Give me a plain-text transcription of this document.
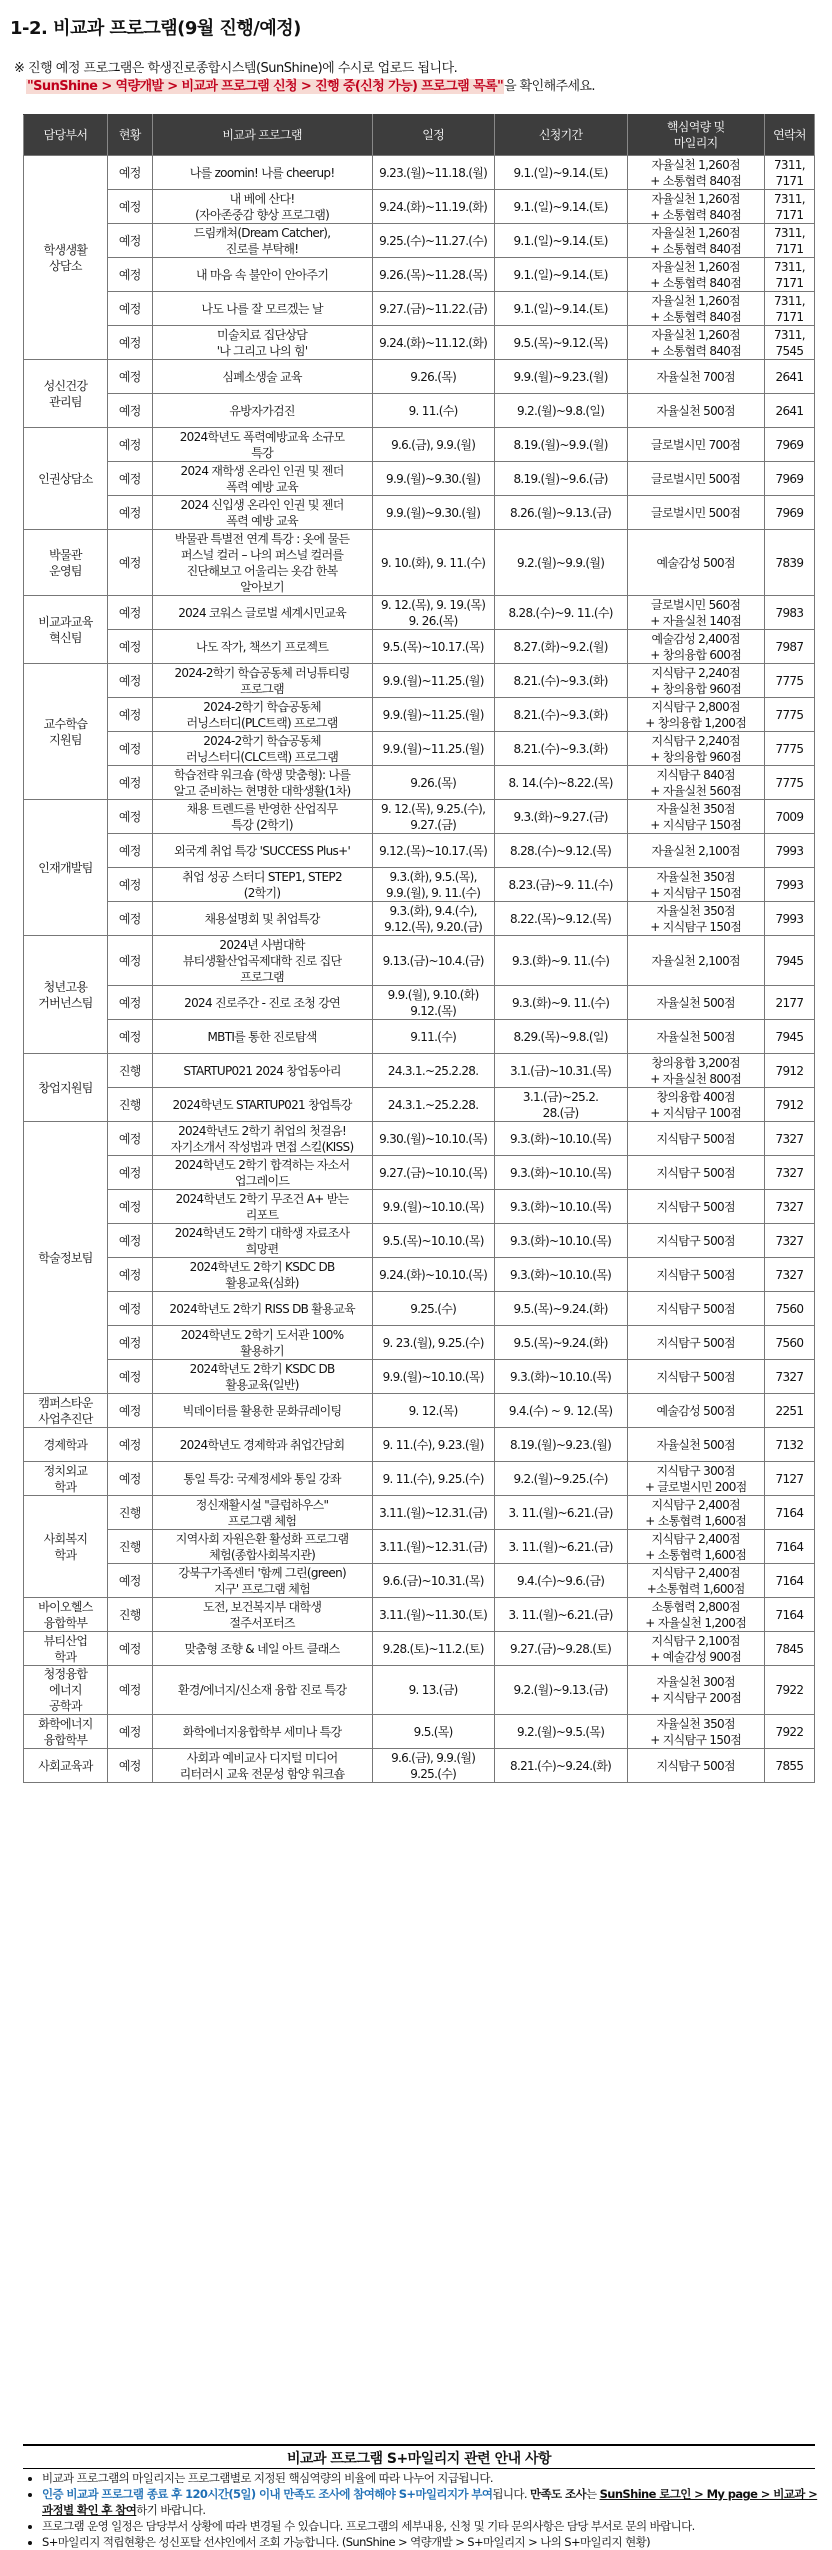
1-2. 비교과 프로그램(9월 진행/예정)
※ 진행 예정 프로그램은 학생진로종합시스템(SunShine)에 수시로 업로드 됩니다.
"SunShine > 역량개발 > 비교과 프로그램 신청 > 진행 중(신청 가능) 프로그램 목록"을 확인해주세요.
담당부서	현황	비교과 프로그램	일정	신청기간	핵심역량 및
마일리지	연락처
학생생활
상담소	예정	나를 zoomin! 나를 cheerup!	9.23.(월)~11.18.(월)	9.1.(일)~9.14.(토)	자율실천 1,260점
+ 소통협력 840점	7311,
7171
	예정	내 베에 산다!
(자아존중감 향상 프로그램)	9.24.(화)~11.19.(화)	9.1.(일)~9.14.(토)	자율실천 1,260점
+ 소통협력 840점	7311,
7171
	예정	드림캐쳐(Dream Catcher),
진로를 부탁해!	9.25.(수)~11.27.(수)	9.1.(일)~9.14.(토)	자율실천 1,260점
+ 소통협력 840점	7311,
7171
	예정	내 마음 속 불안이 안아주기	9.26.(목)~11.28.(목)	9.1.(일)~9.14.(토)	자율실천 1,260점
+ 소통협력 840점	7311,
7171
	예정	나도 나를 잘 모르겠는 날	9.27.(금)~11.22.(금)	9.1.(일)~9.14.(토)	자율실천 1,260점
+ 소통협력 840점	7311,
7171
	예정	미술치료 집단상담
'나 그리고 나의 힘'	9.24.(화)~11.12.(화)	9.5.(목)~9.12.(목)	자율실천 1,260점
+ 소통협력 840점	7311,
7545
성신건강
관리팀	예정	심폐소생술 교육	9.26.(목)	9.9.(월)~9.23.(월)	자율실천 700점	2641
	예정	유방자가검진	9. 11.(수)	9.2.(월)~9.8.(일)	자율실천 500점	2641
인권상담소	예정	2024학년도 폭력예방교육 소규모
특강	9.6.(금), 9.9.(월)	8.19.(월)~9.9.(월)	글로벌시민 700점	7969
	예정	2024 재학생 온라인 인권 및 젠더
폭력 예방 교육	9.9.(월)~9.30.(월)	8.19.(월)~9.6.(금)	글로벌시민 500점	7969
	예정	2024 신입생 온라인 인권 및 젠더
폭력 예방 교육	9.9.(월)~9.30.(월)	8.26.(월)~9.13.(금)	글로벌시민 500점	7969
박물관
운영팀	예정	박물관 특별전 연계 특강 : 옷에 물든
퍼스널 컬러 – 나의 퍼스널 컬러를
진단해보고 어울리는 옷감 한복
알아보기	9. 10.(화), 9. 11.(수)	9.2.(월)~9.9.(월)	예술감성 500점	7839
비교과교육
혁신팀	예정	2024 코워스 글로벌 세계시민교육	9. 12.(목), 9. 19.(목)
9. 26.(목)	8.28.(수)~9. 11.(수)	글로벌시민 560점
+ 자율실천 140점	7983
	예정	나도 작가, 책쓰기 프로젝트	9.5.(목)~10.17.(목)	8.27.(화)~9.2.(월)	예술감성 2,400점
+ 창의융합 600점	7987
교수학습
지원팀	예정	2024-2학기 학습공동체 러닝튜티링
프로그램	9.9.(월)~11.25.(월)	8.21.(수)~9.3.(화)	지식탐구 2,240점
+ 창의융합 960점	7775
	예정	2024-2학기 학습공동체
러닝스터디(PLC트랙) 프로그램	9.9.(월)~11.25.(월)	8.21.(수)~9.3.(화)	지식탐구 2,800점
+ 창의융합 1,200점	7775
	예정	2024-2학기 학습공동체
러닝스터디(CLC트랙) 프로그램	9.9.(월)~11.25.(월)	8.21.(수)~9.3.(화)	지식탐구 2,240점
+ 창의융합 960점	7775
	예정	학습전략 워크숍 (학생 맞춤형): 나를
알고 준비하는 현명한 대학생활(1차)	9.26.(목)	8. 14.(수)~8.22.(목)	지식탐구 840점
+ 자율실천 560점	7775
인재개발팀	예정	채용 트렌드를 반영한 산업직무
특강 (2학기)	9. 12.(목), 9.25.(수),
9.27.(금)	9.3.(화)~9.27.(금)	자율실천 350점
+ 지식탐구 150점	7009
	예정	외국계 취업 특강 'SUCCESS Plus+'	9.12.(목)~10.17.(목)	8.28.(수)~9.12.(목)	자율실천 2,100점	7993
	예정	취업 성공 스터디 STEP1, STEP2
(2학기)	9.3.(화), 9.5.(목),
9.9.(월), 9. 11.(수)	8.23.(금)~9. 11.(수)	자율실천 350점
+ 지식탐구 150점	7993
	예정	채용설명회 및 취업특강	9.3.(화), 9.4.(수),
9.12.(목), 9.20.(금)	8.22.(목)~9.12.(목)	자율실천 350점
+ 지식탐구 150점	7993
청년고용
거버넌스팀	예정	2024년 사범대학
뷰티생활산업곡제대학 진로 집단
프로그램	9.13.(금)~10.4.(금)	9.3.(화)~9. 11.(수)	자율실천 2,100점	7945
	예정	2024 진로주간 - 진로 조청 강연	9.9.(월), 9.10.(화)
9.12.(목)	9.3.(화)~9. 11.(수)	자율실천 500점	2177
	예정	MBTI를 통한 진로탐색	9.11.(수)	8.29.(목)~9.8.(일)	자율실천 500점	7945
창업지원팀	진행	STARTUP021 2024 창업동아리	24.3.1.~25.2.28.	3.1.(금)~10.31.(목)	창의융합 3,200점
+ 자율실천 800점	7912
	진행	2024학년도 STARTUP021 창업특강	24.3.1.~25.2.28.	3.1.(금)~25.2.
28.(금)	창의융합 400점
+ 지식탐구 100점	7912
학술정보팀	예정	2024학년도 2학기 취업의 첫걸음!
자기소개서 작성법과 면접 스킬(KISS)	9.30.(월)~10.10.(목)	9.3.(화)~10.10.(목)	지식탐구 500점	7327
	예정	2024학년도 2학기 합격하는 자소서
업그레이드	9.27.(금)~10.10.(목)	9.3.(화)~10.10.(목)	지식탐구 500점	7327
	예정	2024학년도 2학기 무조건 A+ 받는
리포트	9.9.(월)~10.10.(목)	9.3.(화)~10.10.(목)	지식탐구 500점	7327
	예정	2024학년도 2학기 대학생 자료조사
희망편	9.5.(목)~10.10.(목)	9.3.(화)~10.10.(목)	지식탐구 500점	7327
	예정	2024학년도 2학기 KSDC DB
활용교육(심화)	9.24.(화)~10.10.(목)	9.3.(화)~10.10.(목)	지식탐구 500점	7327
	예정	2024학년도 2학기 RISS DB 활용교육	9.25.(수)	9.5.(목)~9.24.(화)	지식탐구 500점	7560
	예정	2024학년도 2학기 도서관 100%
활용하기	9. 23.(월), 9.25.(수)	9.5.(목)~9.24.(화)	지식탐구 500점	7560
	예정	2024학년도 2학기 KSDC DB
활용교육(일반)	9.9.(월)~10.10.(목)	9.3.(화)~10.10.(목)	지식탐구 500점	7327
캠퍼스타운
사업추진단	예정	빅데이터를 활용한 문화큐레이팅	9. 12.(목)	9.4.(수) ~ 9. 12.(목)	예술감성 500점	2251
경제학과	예정	2024학년도 경제학과 취업간담회	9. 11.(수), 9.23.(월)	8.19.(월)~9.23.(월)	자율실천 500점	7132
정치외교
학과	예정	통일 특강: 국제정세와 통일 강좌	9. 11.(수), 9.25.(수)	9.2.(월)~9.25.(수)	지식탐구 300점
+ 글로벌시민 200점	7127
사회복지
학과	진행	정신재활시설 "클럽하우스"
프로그램 체험	3.11.(월)~12.31.(금)	3. 11.(월)~6.21.(금)	지식탐구 2,400점
+ 소통협력 1,600점	7164
	진행	지역사회 자원은환 활성화 프로그램
체험(종합사회복지관)	3.11.(월)~12.31.(금)	3. 11.(월)~6.21.(금)	지식탐구 2,400점
+ 소통협력 1,600점	7164
	예정	강북구가족센터 '함께 그린(green)
지구' 프로그램 체험	9.6.(금)~10.31.(목)	9.4.(수)~9.6.(금)	지식탐구 2,400점
+소통협력 1,600점	7164
바이오헬스
융합학부	진행	도전, 보건복지부 대학생
절주서포터즈	3.11.(월)~11.30.(토)	3. 11.(월)~6.21.(금)	소통협력 2,800점
+ 자율실천 1,200점	7164
뷰티산업
학과	예정	맞춤형 조향 & 네일 아트 클래스	9.28.(토)~11.2.(토)	9.27.(금)~9.28.(토)	지식탐구 2,100점
+ 예술감성 900점	7845
청정융합
에너지
공학과	예정	환경/에너지/신소재 융합 진로 특강	9. 13.(금)	9.2.(월)~9.13.(금)	자율실천 300점
+ 지식탐구 200점	7922
화학에너지
융합학부	예정	화학에너지융합학부 세미나 특강	9.5.(목)	9.2.(월)~9.5.(목)	자율실천 350점
+ 지식탐구 150점	7922
사회교육과	예정	사회과 예비교사 디지털 미디어
리터러시 교육 전문성 함양 워크숍	9.6.(금), 9.9.(월)
9.25.(수)	8.21.(수)~9.24.(화)	지식탐구 500점	7855
비교과 프로그램 S+마일리지 관련 안내 사항
• 비교과 프로그램의 마일리지는 프로그램별로 지정된 핵심역량의 비율에 따라 나누어 지급됩니다.
• 인증 비교과 프로그램 종료 후 120시간(5일) 이내 만족도 조사에 참여해야 S+마일리지가 부여됩니다. 만족도 조사는 SunShine 로그인 > My page > 비교과 > 과정별 확인 후 참여하기 바랍니다.
• 프로그램 운영 일정은 담당부서 상황에 따라 변경될 수 있습니다. 프로그램의 세부내용, 신청 및 기타 문의사항은 담당 부서로 문의 바랍니다.
• S+마일리지 적립현황은 성신포탈 선샤인에서 조회 가능합니다. (SunShine > 역량개발 > S+마일리지 > 나의 S+마일리지 현황)
